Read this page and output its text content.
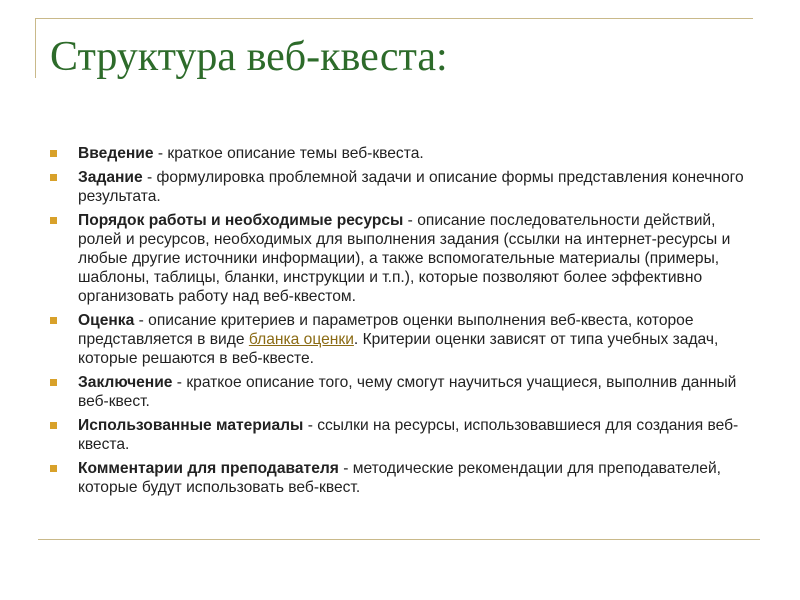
Структура веб-квеста:
Введение - краткое описание темы веб-квеста.
Задание - формулировка проблемной задачи и описание формы представления конечного результата.
Порядок работы и необходимые ресурсы - описание последовательности действий, ролей и ресурсов, необходимых для выполнения задания (ссылки на интернет-ресурсы и любые другие источники информации), а также вспомогательные материалы (примеры, шаблоны, таблицы, бланки, инструкции и т.п.), которые позволяют более эффективно организовать работу над веб-квестом.
Оценка - описание критериев и параметров оценки выполнения веб-квеста, которое представляется в виде бланка оценки. Критерии оценки зависят от типа учебных задач, которые решаются в веб-квесте.
Заключение - краткое описание того, чему смогут научиться учащиеся, выполнив данный веб-квест.
Использованные материалы - ссылки на ресурсы, использовавшиеся для создания веб-квеста.
Комментарии для преподавателя - методические рекомендации для преподавателей, которые будут использовать веб-квест.
